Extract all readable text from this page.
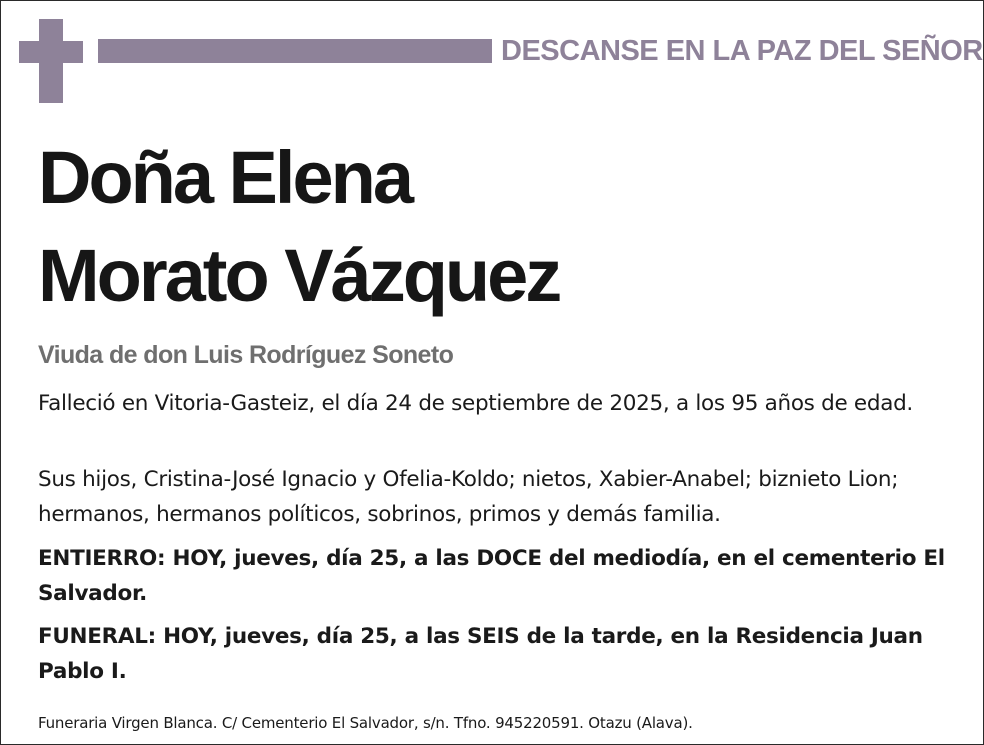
DESCANSE EN LA PAZ DEL SEÑOR
Doña Elena
Morato Vázquez
Viuda de don Luis Rodríguez Soneto
Falleció en Vitoria-Gasteiz, el día 24 de septiembre de 2025, a los 95 años de edad.
Sus hijos, Cristina-José Ignacio y Ofelia-Koldo; nietos, Xabier-Anabel; biznieto Lion; hermanos, hermanos políticos, sobrinos, primos y demás familia.
ENTIERRO: HOY, jueves, día 25, a las DOCE del mediodía, en el cementerio El Salvador.
FUNERAL: HOY, jueves, día 25, a las SEIS de la tarde, en la Residencia Juan Pablo I.
Funeraria Virgen Blanca. C/ Cementerio El Salvador, s/n. Tfno. 945220591. Otazu (Alava).
